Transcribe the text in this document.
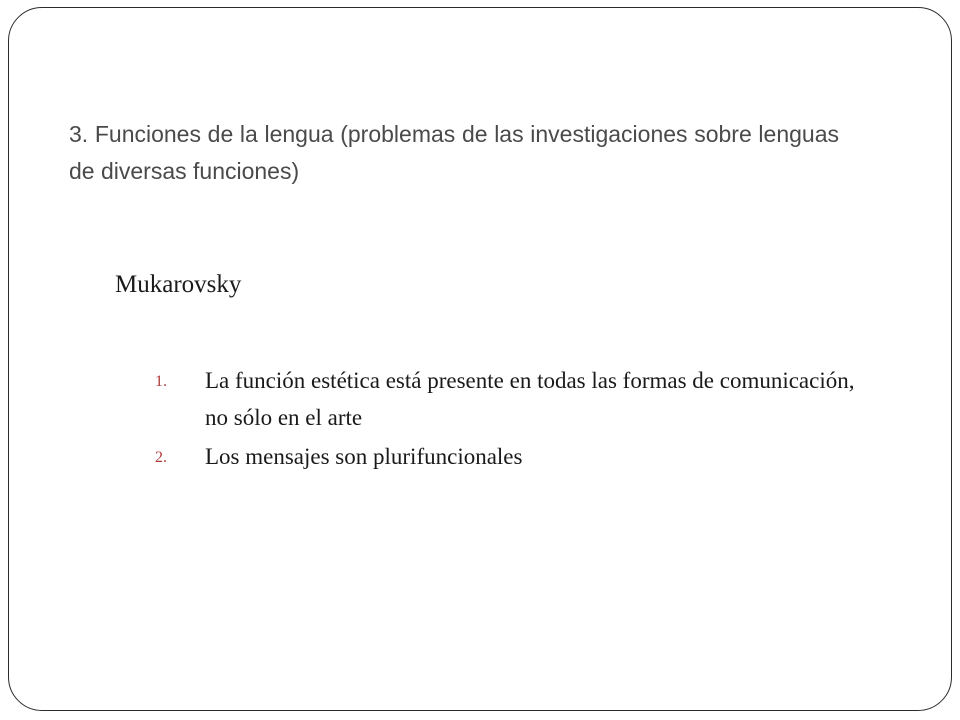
3. Funciones de la lengua (problemas de las investigaciones sobre lenguas de diversas funciones)

Mukarovsky

1. La función estética está presente en todas las formas de comunicación, no sólo en el arte
2. Los mensajes son plurifuncionales
